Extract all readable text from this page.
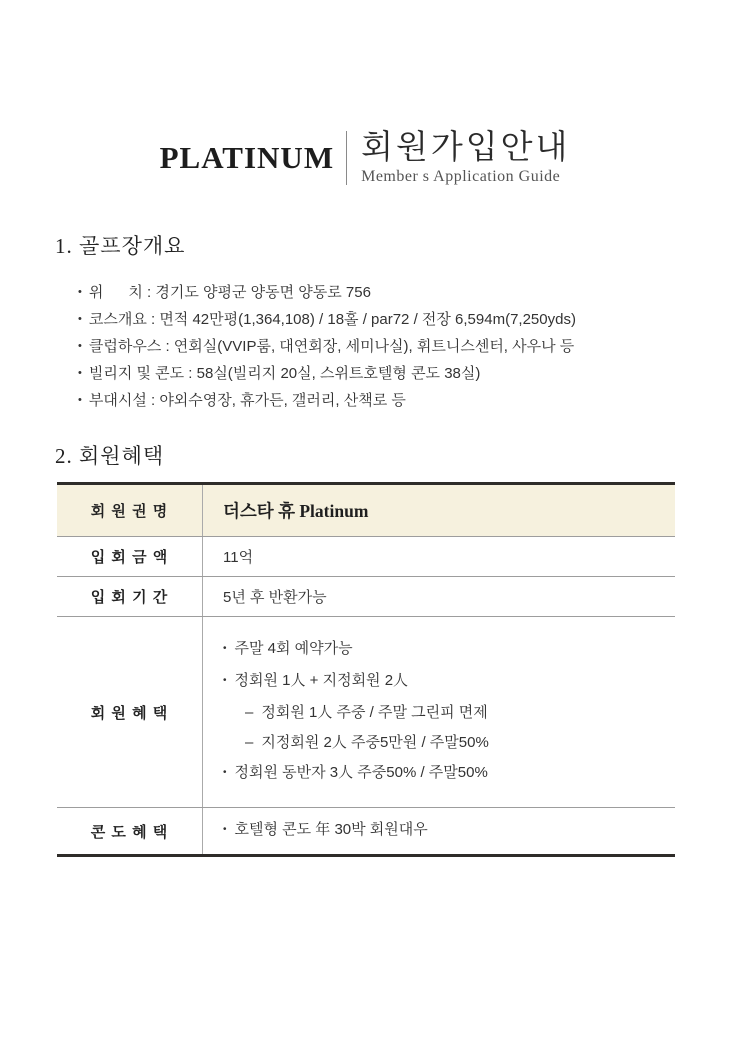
PLATINUM 회원가입안내
Member s Application Guide
1. 골프장개요
• 위      치 : 경기도 양평군 양동면 양동로 756
• 코스개요 : 면적 42만평(1,364,108) / 18홀 / par72 / 전장 6,594m(7,250yds)
• 클럽하우스 : 연회실(VVIP룸, 대연회장, 세미나실), 휘트니스센터, 사우나 등
• 빌리지 및 콘도 : 58실(빌리지 20실, 스위트호텔형 콘도 38실)
• 부대시설 : 야외수영장, 휴가든, 갤러리, 산책로 등
2. 회원혜택
회 원 권 명	더스타 휴 Platinum
입 회 금 액	11억
입 회 기 간	5년 후 반환가능
회 원 혜 택
• 주말 4회 예약가능
• 정회원 1人 + 지정회원 2人
– 정회원 1人 주중 / 주말 그린피 면제
– 지정회원 2人 주중5만원 / 주말50%
• 정회원 동반자 3人 주중50% / 주말50%
콘 도 혜 택	• 호텔형 콘도 年 30박 회원대우
